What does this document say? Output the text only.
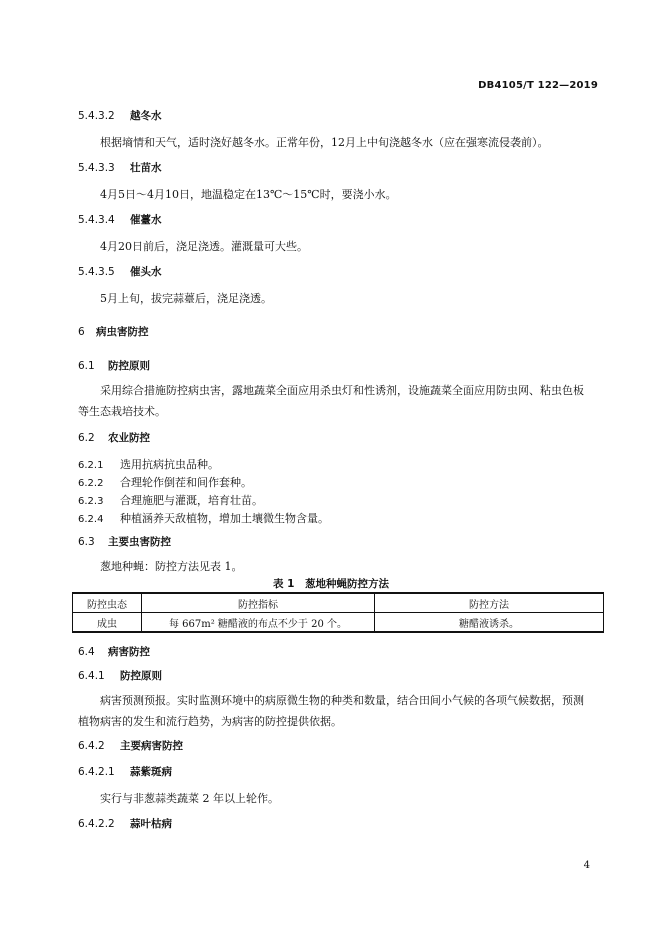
DB4105/T 122—2019
5.4.3.2 越冬水
根据墒情和天气，适时浇好越冬水。正常年份，12月上中旬浇越冬水（应在强寒流侵袭前）。
5.4.3.3 壮苗水
4月5日～4月10日，地温稳定在13℃～15℃时，要浇小水。
5.4.3.4 催薹水
4月20日前后，浇足浇透。灌溉量可大些。
5.4.3.5 催头水
5月上旬，拔完蒜薹后，浇足浇透。
6 病虫害防控
6.1 防控原则
采用综合措施防控病虫害，露地蔬菜全面应用杀虫灯和性诱剂，设施蔬菜全面应用防虫网、粘虫色板等生态栽培技术。
6.2 农业防控
6.2.1 选用抗病抗虫品种。
6.2.2 合理轮作倒茬和间作套种。
6.2.3 合理施肥与灌溉，培育壮苗。
6.2.4 种植涵养天敌植物，增加土壤微生物含量。
6.3 主要虫害防控
葱地种蝇：防控方法见表 1。
表 1　葱地种蝇防控方法
防控虫态	防控指标	防控方法
成虫	每 667m² 糖醋液的布点不少于 20 个。	糖醋液诱杀。
6.4 病害防控
6.4.1 防控原则
病害预测预报。实时监测环境中的病原微生物的种类和数量，结合田间小气候的各项气候数据，预测植物病害的发生和流行趋势，为病害的防控提供依据。
6.4.2 主要病害防控
6.4.2.1 蒜紫斑病
实行与非葱蒜类蔬菜 2 年以上轮作。
6.4.2.2 蒜叶枯病
4
